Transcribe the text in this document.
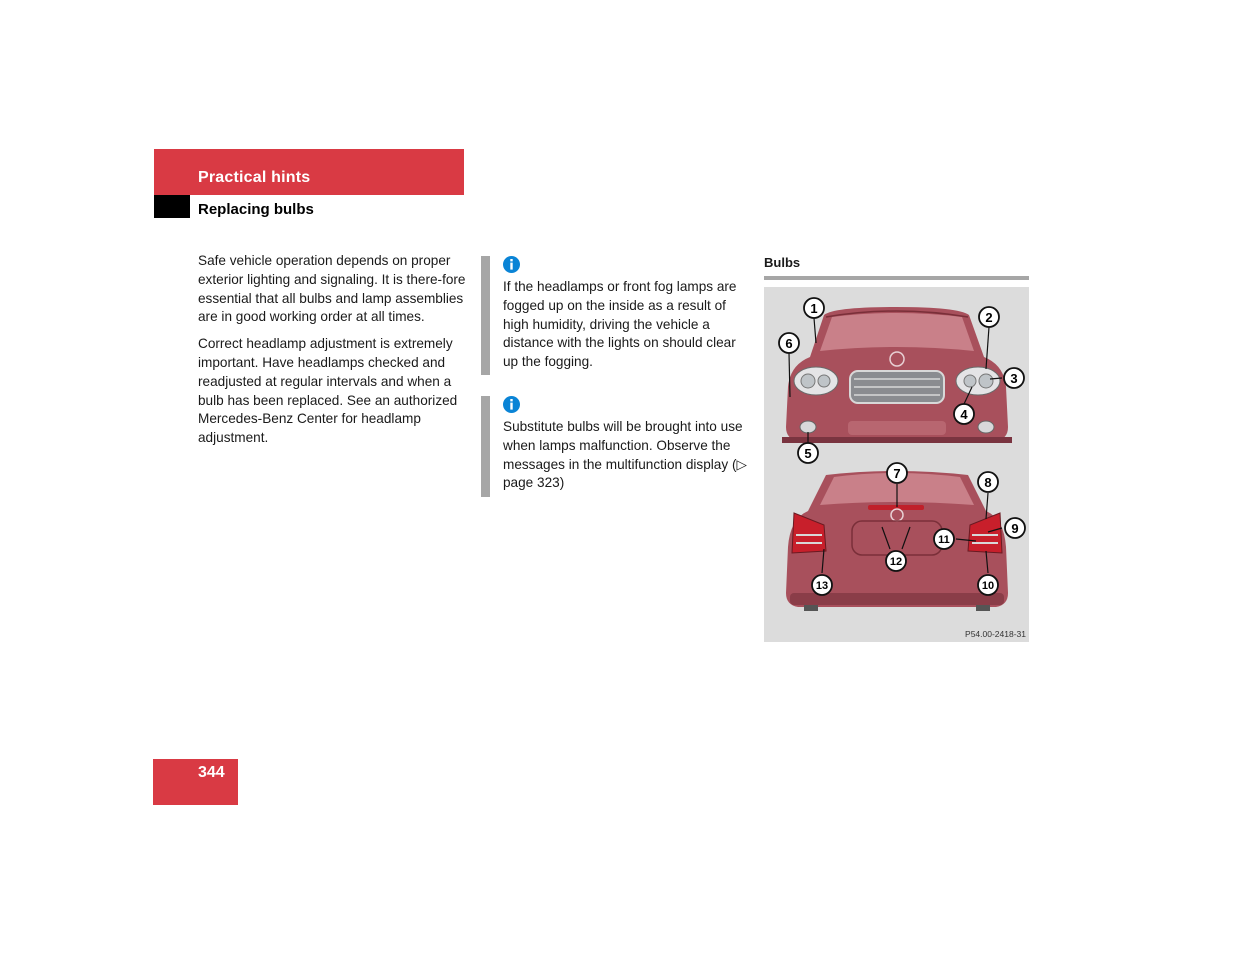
Practical hints
Replacing bulbs

Safe vehicle operation depends on proper exterior lighting and signaling. It is there-fore essential that all bulbs and lamp assemblies are in good working order at all times.

Correct headlamp adjustment is extremely important. Have headlamps checked and readjusted at regular intervals and when a bulb has been replaced. See an authorized Mercedes-Benz Center for headlamp adjustment.

If the headlamps or front fog lamps are fogged up on the inside as a result of high humidity, driving the vehicle a distance with the lights on should clear up the fogging.
Substitute bulbs will be brought into use when lamps malfunction. Observe the messages in the multifunction display (▷ page 323)
Bulbs
1
2
3
4
5
6
7
8
9
11
12
13	10
P54.00-2418-31
344
